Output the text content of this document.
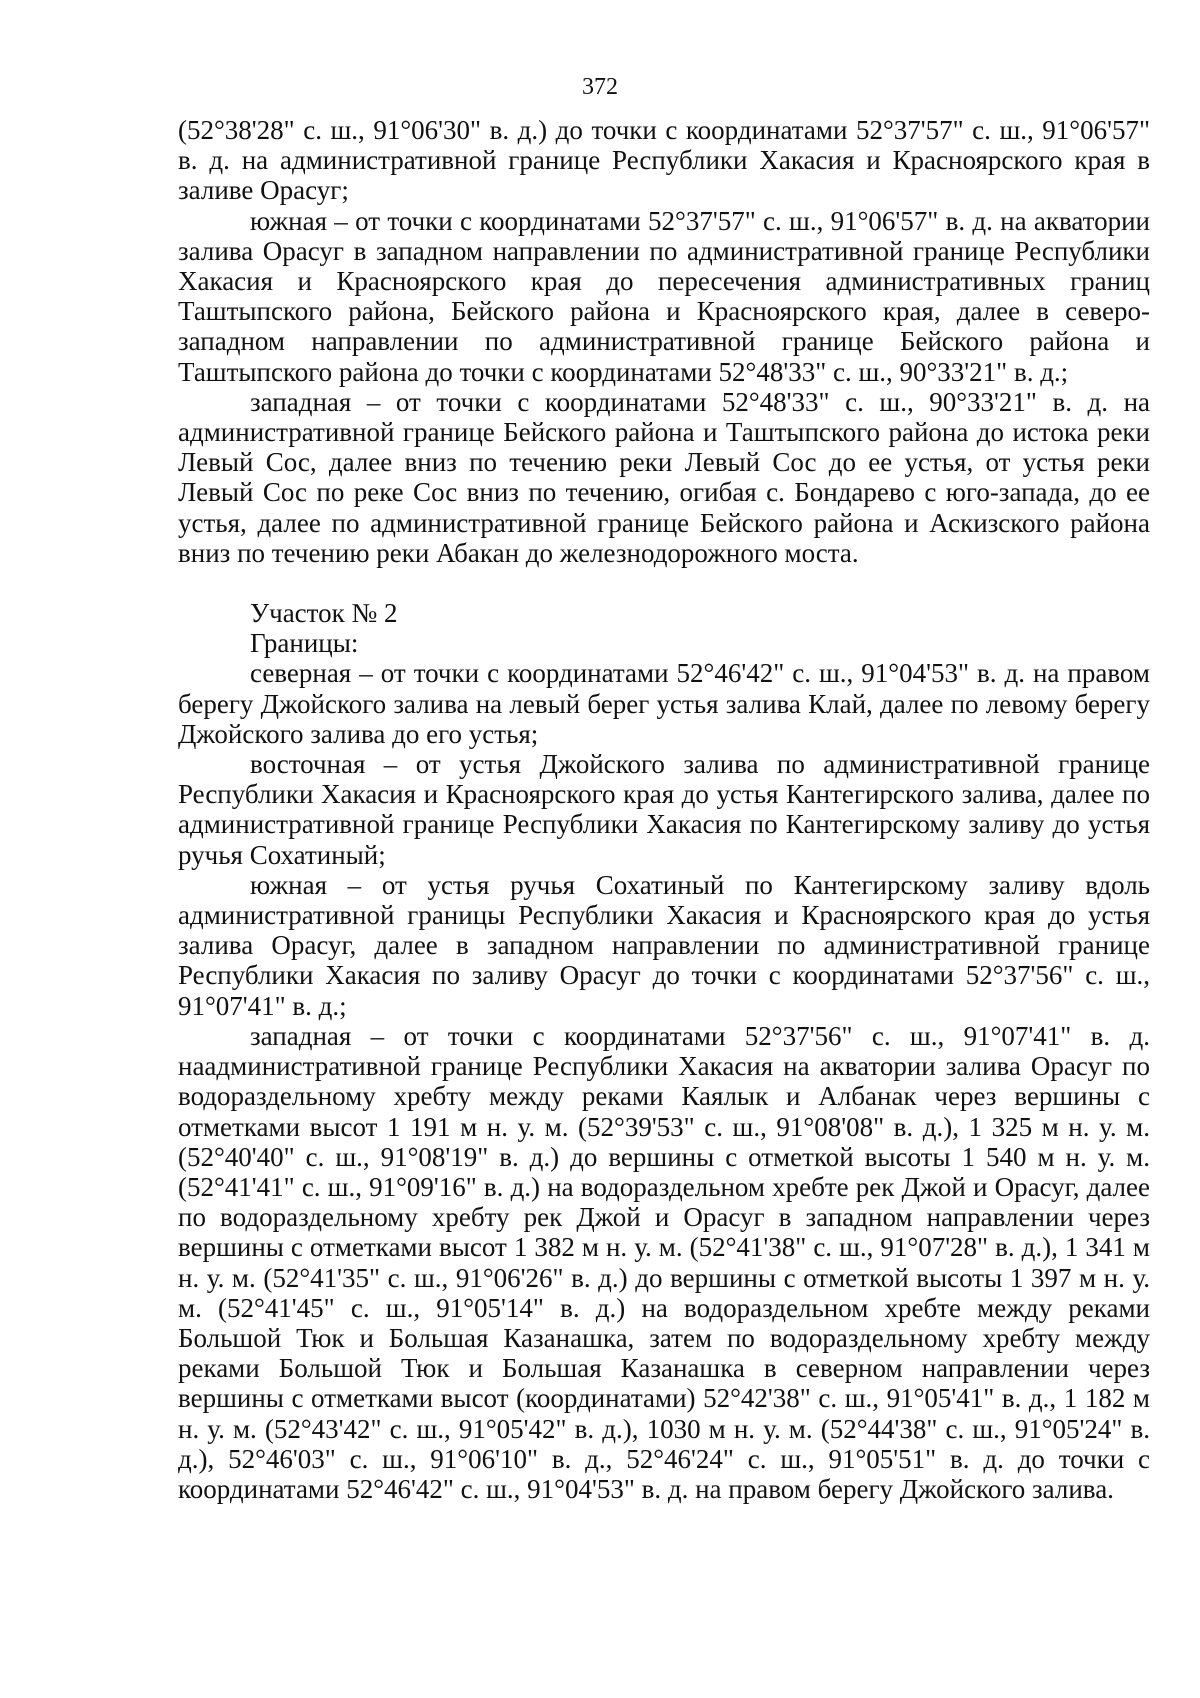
372

(52°38'28" с. ш., 91°06'30" в. д.) до точки с координатами 52°37'57" с. ш., 91°06'57" в. д. на административной границе Республики Хакасия и Красноярского края в заливе Орасуг;

южная – от точки с координатами 52°37'57" с. ш., 91°06'57" в. д. на акватории залива Орасуг в западном направлении по административной границе Республики Хакасия и Красноярского края до пересечения административных границ Таштыпского района, Бейского района и Красноярского края, далее в северо-западном направлении по административной границе Бейского района и Таштыпского района до точки с координатами 52°48'33" с. ш., 90°33'21" в. д.;

западная – от точки с координатами 52°48'33" с. ш., 90°33'21" в. д. на административной границе Бейского района и Таштыпского района до истока реки Левый Сос, далее вниз по течению реки Левый Сос до ее устья, от устья реки Левый Сос по реке Сос вниз по течению, огибая с. Бондарево с юго-запада, до ее устья, далее по административной границе Бейского района и Аскизского района вниз по течению реки Абакан до железнодорожного моста.

Участок № 2

Границы:

северная – от точки с координатами 52°46'42" с. ш., 91°04'53" в. д. на правом берегу Джойского залива на левый берег устья залива Клай, далее по левому берегу Джойского залива до его устья;

восточная – от устья Джойского залива по административной границе Республики Хакасия и Красноярского края до устья Кантегирского залива, далее по административной границе Республики Хакасия по Кантегирскому заливу до устья ручья Сохатиный;

южная – от устья ручья Сохатиный по Кантегирскому заливу вдоль административной границы Республики Хакасия и Красноярского края до устья залива Орасуг, далее в западном направлении по административной границе Республики Хакасия по заливу Орасуг до точки с координатами 52°37'56" с. ш., 91°07'41" в. д.;

западная – от точки с координатами 52°37'56" с. ш., 91°07'41" в. д. наадминистративной границе Республики Хакасия на акватории залива Орасуг по водораздельному хребту между реками Каялык и Албанак через вершины с отметками высот 1 191 м н. у. м. (52°39'53" с. ш., 91°08'08" в. д.), 1 325 м н. у. м. (52°40'40" с. ш., 91°08'19" в. д.) до вершины с отметкой высоты 1 540 м н. у. м. (52°41'41" с. ш., 91°09'16" в. д.) на водораздельном хребте рек Джой и Орасуг, далее по водораздельному хребту рек Джой и Орасуг в западном направлении через вершины с отметками высот 1 382 м н. у. м. (52°41'38" с. ш., 91°07'28" в. д.), 1 341 м н. у. м. (52°41'35" с. ш., 91°06'26" в. д.) до вершины с отметкой высоты 1 397 м н. у. м. (52°41'45" с. ш., 91°05'14" в. д.) на водораздельном хребте между реками Большой Тюк и Большая Казанашка, затем по водораздельному хребту между реками Большой Тюк и Большая Казанашка в северном направлении через вершины с отметками высот (координатами) 52°42'38" с. ш., 91°05'41" в. д., 1 182 м н. у. м. (52°43'42" с. ш., 91°05'42" в. д.), 1030 м н. у. м. (52°44'38" с. ш., 91°05'24" в. д.), 52°46'03" с. ш., 91°06'10" в. д., 52°46'24" с. ш., 91°05'51" в. д. до точки с координатами 52°46'42" с. ш., 91°04'53" в. д. на правом берегу Джойского залива.
